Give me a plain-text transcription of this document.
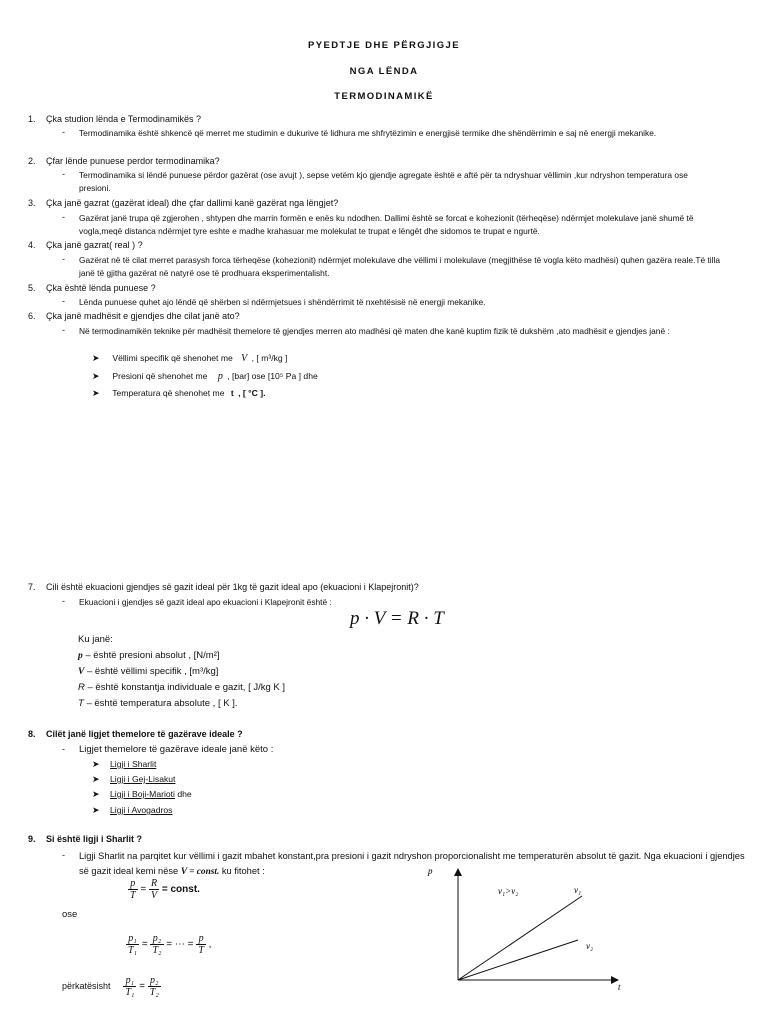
PYEDTJE DHE PËRGJIGJE
NGA LËNDA
TERMODINAMIKË
1. Çka studion lënda e Termodinamikës ?
- Termodinamika është shkencë që merret me studimin e dukurive të lidhura me shfrytëzimin e energjisë termike dhe shëndërrimin e saj në energji mekanike.
2. Çfar lënde punuese perdor termodinamika?
- Termodinamika si lëndë punuese përdor gazërat (ose avujt ), sepse vetëm kjo gjendje agregate është e aftë për ta ndryshuar vëllimin ,kur ndryshon temperatura ose presioni.
3. Çka janë gazrat (gazërat ideal) dhe çfar dallimi kanë gazërat nga lëngjet?
- Gazërat janë trupa që zgjerohen , shtypen dhe marrin formën e enës ku ndodhen. Dallimi është se forcat e kohezionit (tërheqëse) ndërmjet molekulave janë shumë të vogla,meqë distanca ndërmjet tyre eshte e madhe krahasuar me molekulat te trupat e lëngët dhe sidomos te trupat e ngurtë.
4. Çka janë gazrat( real ) ?
- Gazërat në të cilat merret parasysh forca tërheqëse (kohezionit) ndërmjet molekulave dhe vëllimi i molekulave (megjithëse të vogla këto madhësi) quhen gazëra reale.Të tilla janë të gjitha gazërat në natyrë ose të prodhuara eksperimentalisht.
5. Çka është lënda punuese ?
- Lënda punuese quhet ajo lëndë që shërben si ndërmjetsues i shëndërrimit të nxehtësisë në energji mekanike.
6. Çka janë madhësit e gjendjes dhe cilat janë ato?
- Në termodinamikën teknike për madhësit themelore të gjendjes merren ato madhësi që maten dhe kanë kuptim fizik të dukshëm ,ato madhësit e gjendjes janë :
➤ Vëllimi specifik që shenohet me V , [ m³/kg ]
➤ Presioni që shenohet me p , [bar] ose [10⁵ Pa ] dhe
➤ Temperatura që shenohet me t , [ °C ].
7. Cili është ekuacioni gjendjes së gazit ideal për 1kg të gazit ideal apo (ekuacioni i Klapejronit)?
- Ekuacioni i gjendjes së gazit ideal apo ekuacioni i Klapejronit është :
p · V = R · T
Ku janë:
p – është presioni absolut , [N/m²]
V – është vëllimi specifik , [m³/kg]
R – është konstantja individuale e gazit, [ J/kg K ]
T – është temperatura absolute , [ K ].
8. Cilët janë ligjet themelore të gazërave ideale ?
- Ligjet themelore të gazërave ideale janë këto :
➤ Ligji i Sharlit
➤ Ligji i Gej-Lisakut
➤ Ligji i Boji-Marioti dhe
➤ Ligji i Avogadros
9. Si është ligji i Sharlit ?
- Ligji Sharlit na parqitet kur vëllimi i gazit mbahet konstant,pra presioni i gazit ndryshon proporcionalisht me temperaturën absolut të gazit. Nga ekuacioni i gjendjes së gazit ideal kemi nëse V = const. ku fitohet :
$\frac{p}{T} = \frac{R}{V}$ = const.
ose
$\frac{\text{p₁}}{\text{T₁}} = \frac{\text{p₂}}{\text{T₂}}$ = ⋯ = $\frac{p}{T}$ ,
përkatësisht $\frac{\text{p₁}}{\text{T₁}} = \frac{\text{p₂}}{\text{T₂}}$
p
t
v₁>v₂	v₁
v₂
